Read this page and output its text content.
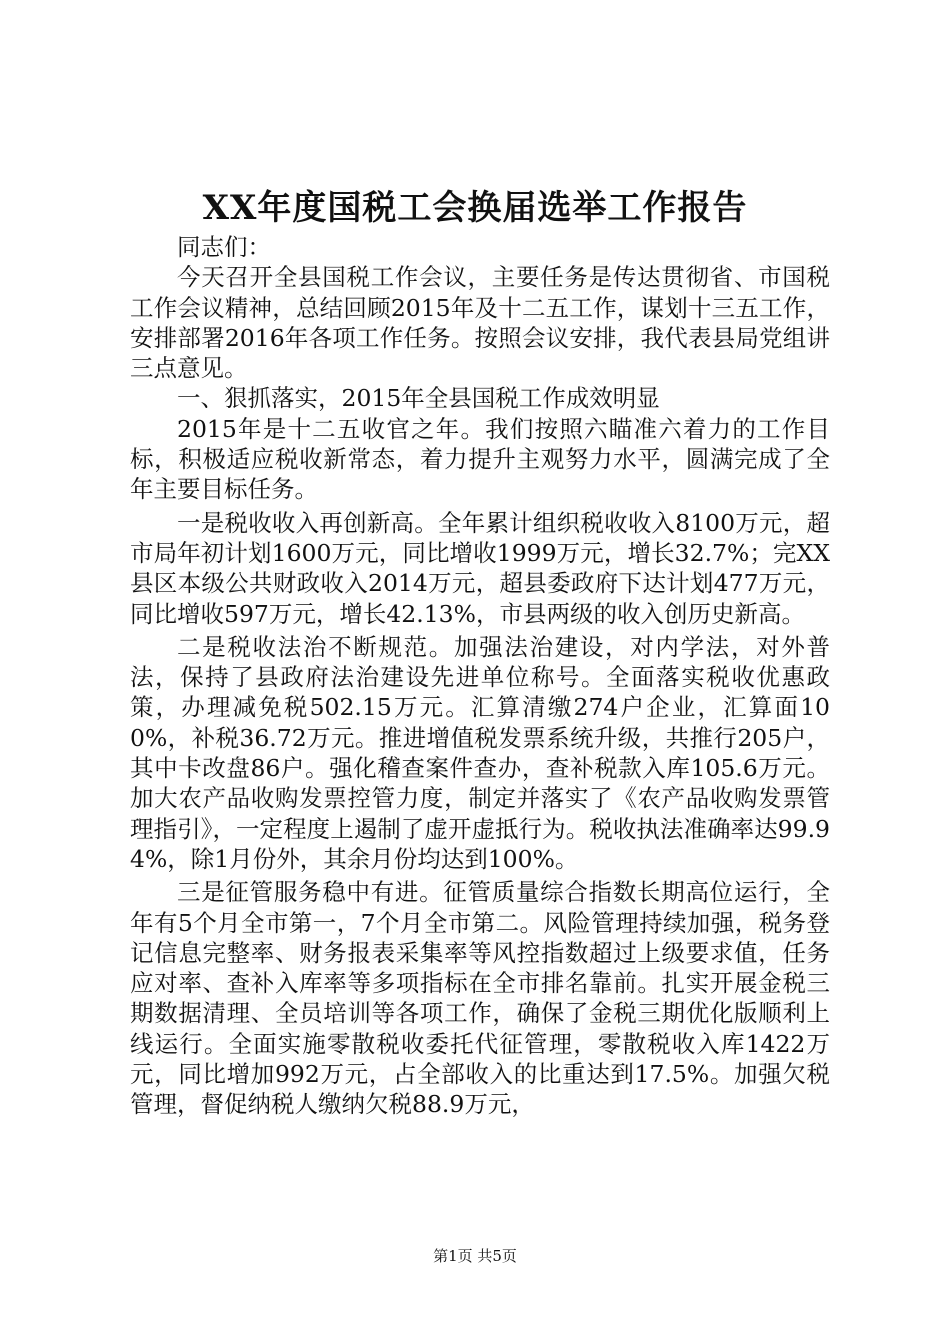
XX年度国税工会换届选举工作报告

同志们：

今天召开全县国税工作会议，主要任务是传达贯彻省、市国税工作会议精神，总结回顾2015年及十二五工作，谋划十三五工作，安排部署2016年各项工作任务。按照会议安排，我代表县局党组讲三点意见。

一、狠抓落实，2015年全县国税工作成效明显

2015年是十二五收官之年。我们按照六瞄准六着力的工作目标，积极适应税收新常态，着力提升主观努力水平，圆满完成了全年主要目标任务。

一是税收收入再创新高。全年累计组织税收收入8100万元，超市局年初计划1600万元，同比增收1999万元，增长32.7%；完XX县区本级公共财政收入2014万元，超县委政府下达计划477万元，同比增收597万元，增长42.13%，市县两级的收入创历史新高。

二是税收法治不断规范。加强法治建设，对内学法，对外普法，保持了县政府法治建设先进单位称号。全面落实税收优惠政策，办理减免税502.15万元。汇算清缴274户企业，汇算面100%，补税36.72万元。推进增值税发票系统升级，共推行205户，其中卡改盘86户。强化稽查案件查办，查补税款入库105.6万元。加大农产品收购发票控管力度，制定并落实了《农产品收购发票管理指引》，一定程度上遏制了虚开虚抵行为。税收执法准确率达99.94%，除1月份外，其余月份均达到100%。

三是征管服务稳中有进。征管质量综合指数长期高位运行，全年有5个月全市第一，7个月全市第二。风险管理持续加强，税务登记信息完整率、财务报表采集率等风控指数超过上级要求值，任务应对率、查补入库率等多项指标在全市排名靠前。扎实开展金税三期数据清理、全员培训等各项工作，确保了金税三期优化版顺利上线运行。全面实施零散税收委托代征管理，零散税收入库1422万元，同比增加992万元，占全部收入的比重达到17.5%。加强欠税管理，督促纳税人缴纳欠税88.9万元，

第1页 共5页
